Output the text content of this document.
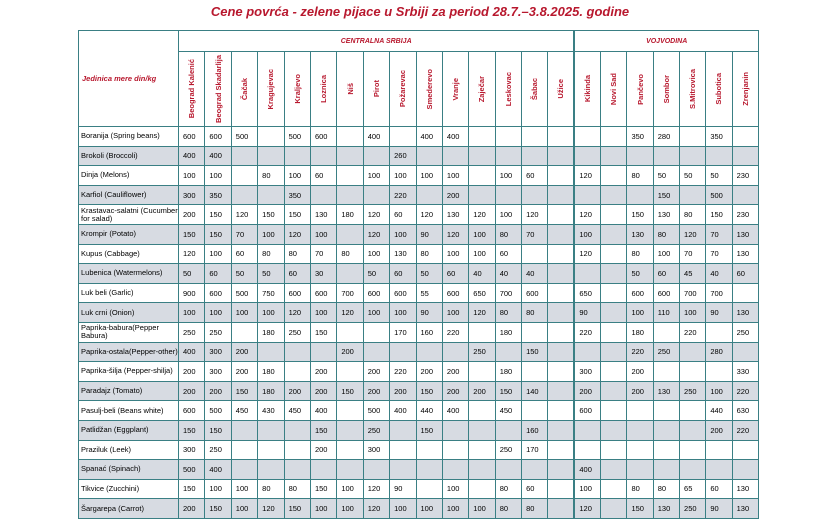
Cene povrća - zelene pijace u Srbiji za period 28.7.–3.8.2025. godine
Jedinica mere din/kg	CENTRALNA SRBIJA															VOJVODINA						

	Beograd Kalenić	Beograd Skadarlija	Čačak	Kragujevac	Kraljevo	Loznica	Niš	Pirot	Požarevac	Smederevo	Vranje	Zaječar	Leskovac	Šabac	Užice	Kikinda	Novi Sad	Pančevo	Sombor	S.Mitrovica	Subotica	Zrenjanin

Boranija (Spring beans)	600	600	500		500	600		400		400	400							350	280		350	
Brokoli (Broccoli)	400	400							260													
Dinja (Melons)	100	100		80	100	60		100	100	100	100		100	60		120		80	50	50	50	230
Karfiol (Cauliflower)	300	350			350				220		200								150		500	
Krastavac-salatni (Cucumber for salad)	200	150	120	150	150	130	180	120	60	120	130	120	100	120		120		150	130	80	150	230
Krompir (Potato)	150	150	70	100	120	100		120	100	90	120	100	80	70		100		130	80	120	70	130
Kupus (Cabbage)	120	100	60	80	80	70	80	100	130	80	100	100	60			120		80	100	70	70	130
Lubenica (Watermelons)	50	60	50	50	60	30		50	60	50	60	40	40	40				50	60	45	40	60
Luk beli (Garlic)	900	600	500	750	600	600	700	600	600	55	600	650	700	600		650		600	600	700	700	
Luk crni (Onion)	100	100	100	100	120	100	120	100	100	90	100	120	80	80		90		100	110	100	90	130
Paprika-babura(Pepper Babura)	250	250		180	250	150			170	160	220		180			220		180		220		250
Paprika-ostala(Pepper-other)	400	300	200				200					250		150				220	250		280	
Paprika-šilja (Pepper-shilja)	200	300	200	180		200		200	220	200	200		180			300		200				330
Paradajz (Tomato)	200	200	150	180	200	200	150	200	200	150	200	200	150	140		200		200	130	250	100	220
Pasulj-beli (Beans white)	600	500	450	430	450	400		500	400	440	400		450			600					440	630
Patlidžan (Eggplant)	150	150				150		250		150				160							200	220
Praziluk (Leek)	300	250				200		300					250	170								
Spanać (Spinach)	500	400														400						
Tikvice (Zucchini)	150	100	100	80	80	150	100	120	90		100		80	60		100		80	80	65	60	130
Šargarepa (Carrot)	200	150	100	120	150	100	100	120	100	100	100	100	80	80		120		150	130	250	90	130
